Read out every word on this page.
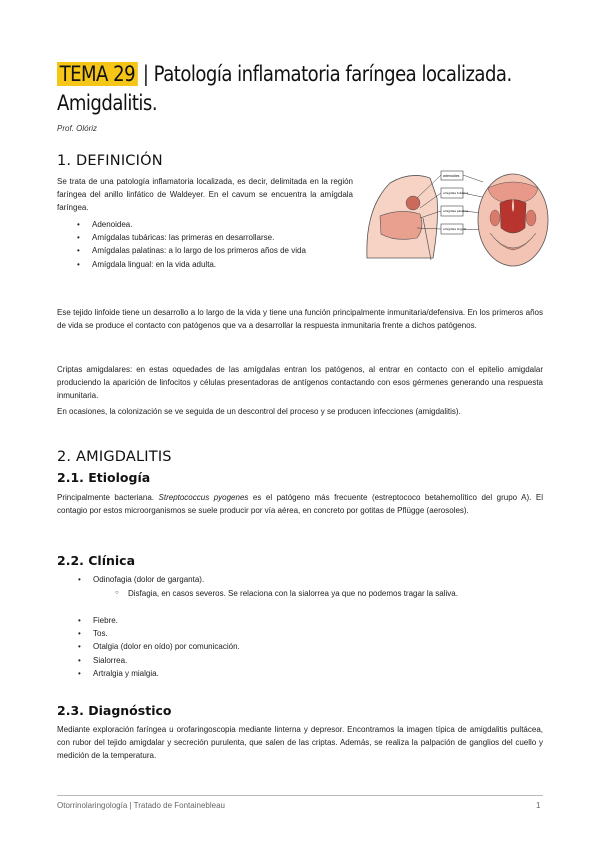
TEMA 29 | Patología inflamatoria faríngea localizada.
Amigdalitis.
Prof. Olóriz
1. DEFINICIÓN

Se trata de una patología inflamatoria localizada, es decir, delimitada en la región faríngea del anillo linfático de Waldeyer. En el cavum se encuentra la amígdala faríngea.

• Adenoidea.
• Amígdalas tubáricas: las primeras en desarrollarse.
• Amígdalas palatinas: a lo largo de los primeros años de vida
• Amígdala lingual: en la vida adulta.
adenoides
amígdala tubárica
amígdala palatina
amígdala lingual

Ese tejido linfoide tiene un desarrollo a lo largo de la vida y tiene una función principalmente inmunitaria/defensiva. En los primeros años de vida se produce el contacto con patógenos que va a desarrollar la respuesta inmunitaria frente a dichos patógenos.

Criptas amigdalares: en estas oquedades de las amígdalas entran los patógenos, al entrar en contacto con el epitelio amigdalar produciendo la aparición de linfocitos y células presentadoras de antígenos contactando con esos gérmenes generando una respuesta inmunitaria.

En ocasiones, la colonización se ve seguida de un descontrol del proceso y se producen infecciones (amigdalitis).

2. AMIGDALITIS
2.1. Etiología

Principalmente bacteriana. Streptococcus pyogenes es el patógeno más frecuente (estreptococo betahemolítico del grupo A). El contagio por estos microorganismos se suele producir por vía aérea, en concreto por gotitas de Pflügge (aerosoles).

2.2. Clínica
• Odinofagia (dolor de garganta).
○ Disfagia, en casos severos. Se relaciona con la sialorrea ya que no podemos tragar la saliva.
• Fiebre.
• Tos.
• Otalgia (dolor en oído) por comunicación.
• Sialorrea.
• Artralgia y mialgia.
2.3. Diagnóstico

Mediante exploración faríngea u orofaringoscopia mediante linterna y depresor. Encontramos la imagen típica de amigdalitis pultácea, con rubor del tejido amigdalar y secreción purulenta, que salen de las criptas. Además, se realiza la palpación de ganglios del cuello y medición de la temperatura.

Otorrinolaringología | Tratado de Fontainebleau	1
